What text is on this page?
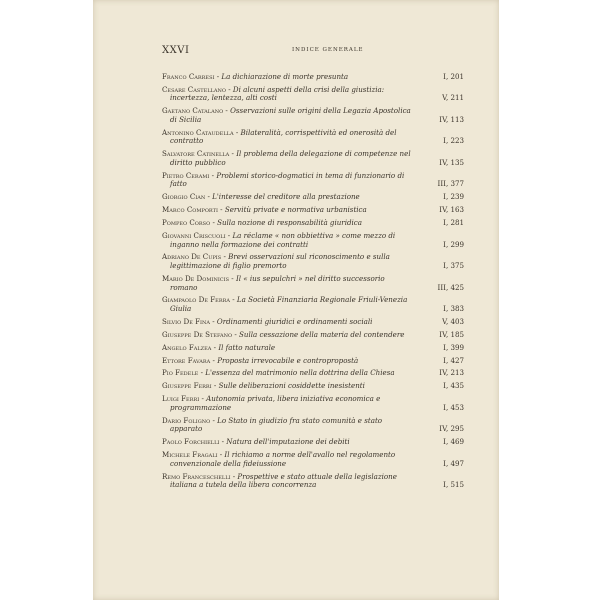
XXVI	INDICE GENERALE
Franco Carresi - La dichiarazione di morte presunta	I, 201
Cesare Castellano - Di alcuni aspetti della crisi della giustizia: incertezza, lentezza, alti costi	V, 211
Gaetano Catalano - Osservazioni sulle origini della Legazia Apostolica di Sicilia	IV, 113
Antonino Cataudella - Bilateralità, corrispettività ed onerosità del contratto	I, 223
Salvatore Catinella - Il problema della delegazione di competenze nel diritto pubblico	IV, 135
Pietro Cerami - Problemi storico-dogmatici in tema di funzionario di fatto	III, 377
Giorgio Cian - L'interesse del creditore alla prestazione	I, 239
Marco Comporti - Servitù private e normativa urbanistica	IV, 163
Pompeo Corso - Sulla nozione di responsabilità giuridica	I, 281
Giovanni Criscuoli - La réclame « non obbiettiva » come mezzo di inganno nella formazione dei contratti	I, 299
Adriano De Cupis - Brevi osservazioni sul riconoscimento e sulla legittimazione di figlio premorto	I, 375
Mario De Dominicis - Il « ius sepulchri » nel diritto successorio romano	III, 425
Giampaolo De Ferra - La Società Finanziaria Regionale Friuli-Venezia Giulia	I, 383
Silvio De Fina - Ordinamenti giuridici e ordinamenti sociali	V, 403
Giuseppe De Stefano - Sulla cessazione della materia del contendere	IV, 185
Angelo Falzea - Il fatto naturale	I, 399
Ettore Favara - Proposta irrevocabile e contropropostà	I, 427
Pio Fedele - L'essenza del matrimonio nella dottrina della Chiesa	IV, 213
Giuseppe Ferri - Sulle deliberazioni cosiddette inesistenti	I, 435
Luigi Ferri - Autonomia privata, libera iniziativa economica e programmazione	I, 453
Dario Foligno - Lo Stato in giudizio fra stato comunità e stato apparato	IV, 295
Paolo Forchielli - Natura dell'imputazione dei debiti	I, 469
Michele Fragali - Il richiamo a norme dell'avallo nel regolamento convenzionale della fideiussione	I, 497
Remo Franceschelli - Prospettive e stato attuale della legislazione italiana a tutela della libera concorrenza	I, 515
